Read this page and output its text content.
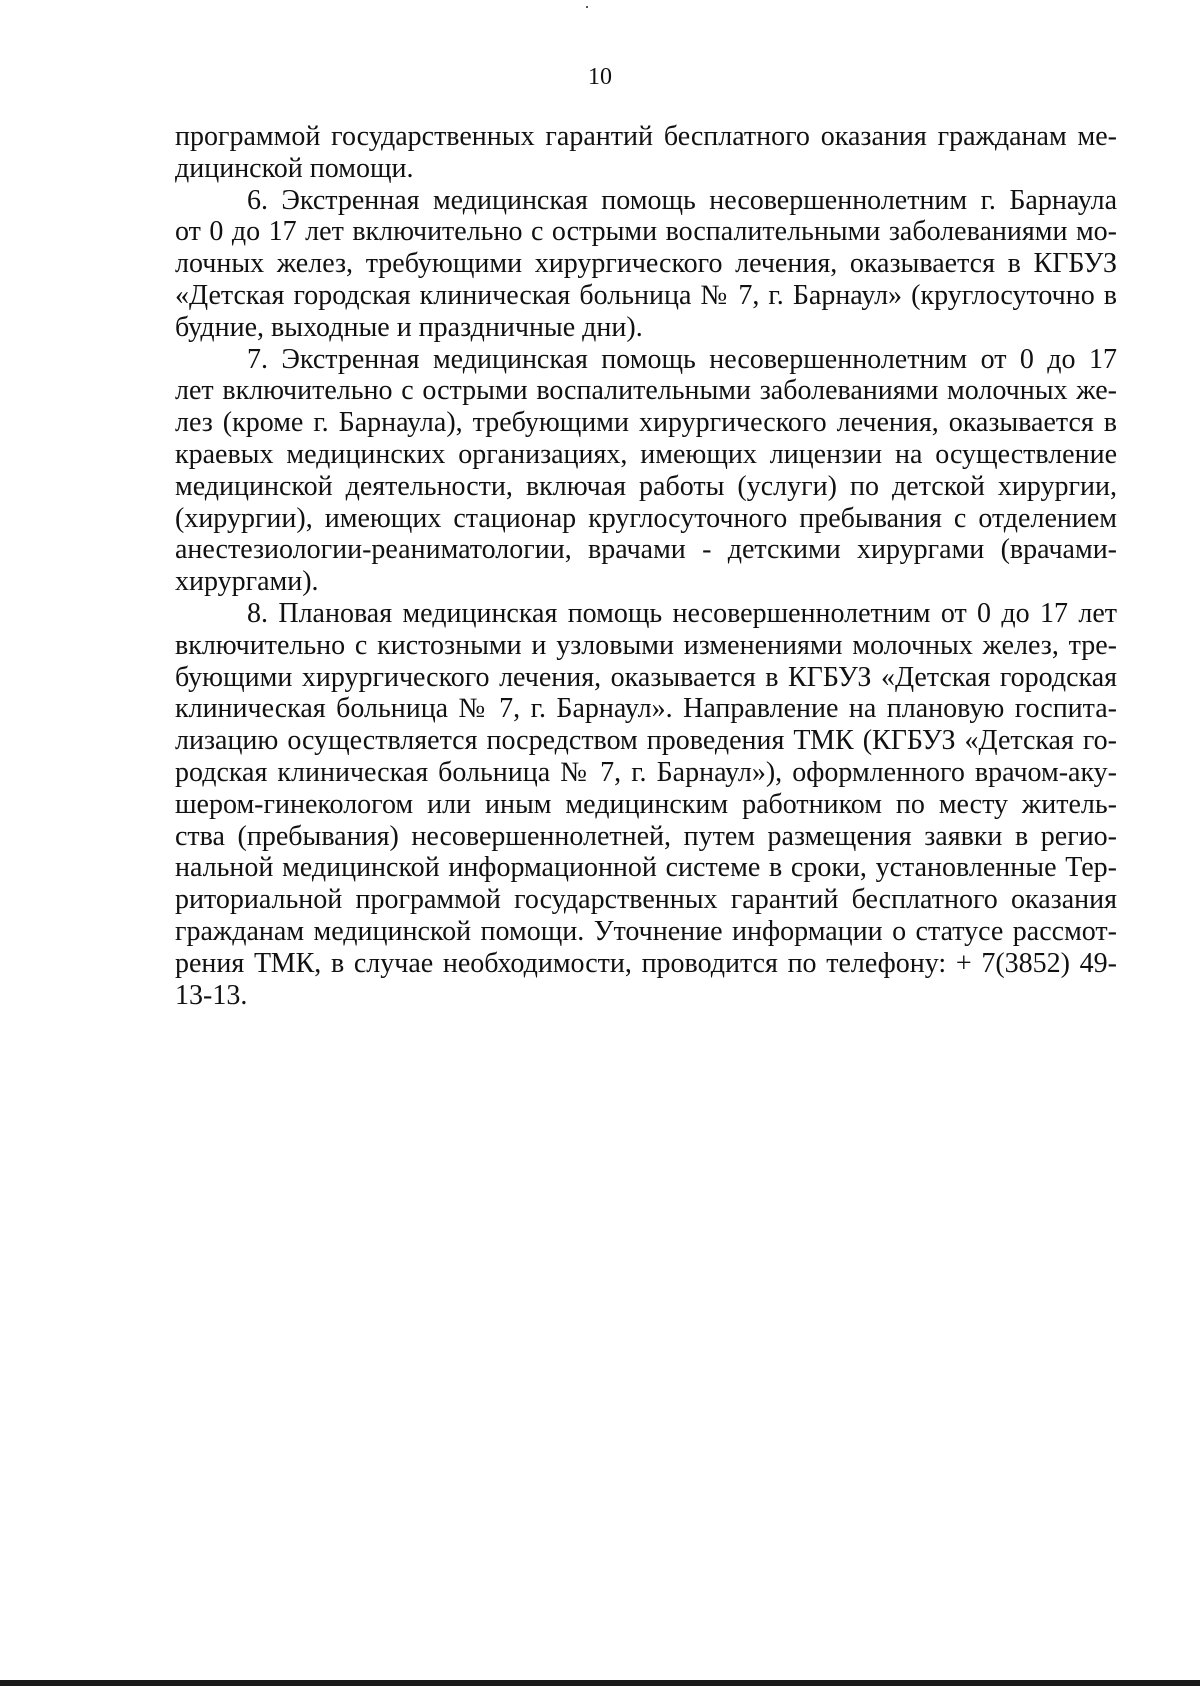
10
программой государственных гарантий бесплатного оказания гражданам ме-
дицинской помощи.
6. Экстренная медицинская помощь несовершеннолетним г. Барнаула
от 0 до 17 лет включительно с острыми воспалительными заболеваниями мо-
лочных желез, требующими хирургического лечения, оказывается в КГБУЗ
«Детская городская клиническая больница № 7, г. Барнаул» (круглосуточно в
будние, выходные и праздничные дни).
7. Экстренная медицинская помощь несовершеннолетним от 0 до 17
лет включительно с острыми воспалительными заболеваниями молочных же-
лез (кроме г. Барнаула), требующими хирургического лечения, оказывается в
краевых медицинских организациях, имеющих лицензии на осуществление
медицинской деятельности, включая работы (услуги) по детской хирургии,
(хирургии), имеющих стационар круглосуточного пребывания с отделением
анестезиологии-реаниматологии, врачами - детскими хирургами (врачами-
хирургами).
8. Плановая медицинская помощь несовершеннолетним от 0 до 17 лет
включительно с кистозными и узловыми изменениями молочных желез, тре-
бующими хирургического лечения, оказывается в КГБУЗ «Детская городская
клиническая больница № 7, г. Барнаул». Направление на плановую госпита-
лизацию осуществляется посредством проведения ТМК (КГБУЗ «Детская го-
родская клиническая больница № 7, г. Барнаул»), оформленного врачом-аку-
шером-гинекологом или иным медицинским работником по месту житель-
ства (пребывания) несовершеннолетней, путем размещения заявки в регио-
нальной медицинской информационной системе в сроки, установленные Тер-
риториальной программой государственных гарантий бесплатного оказания
гражданам медицинской помощи. Уточнение информации о статусе рассмот-
рения ТМК, в случае необходимости, проводится по телефону: + 7(3852) 49-
13-13.
